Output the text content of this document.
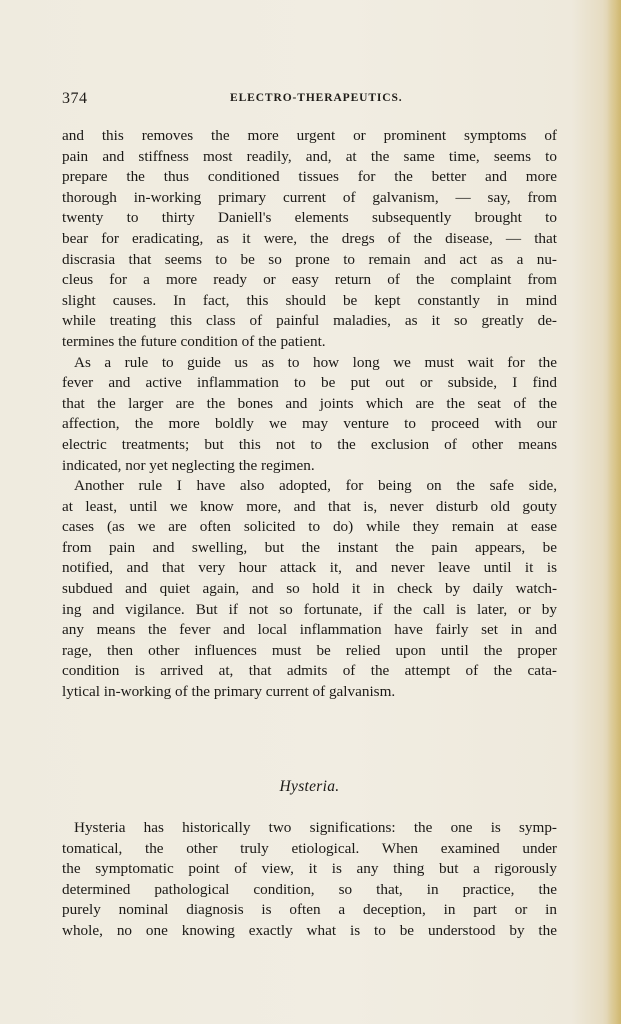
374	ELECTRO-THERAPEUTICS.
and this removes the more urgent or prominent symptoms of
pain and stiffness most readily, and, at the same time, seems to
prepare the thus conditioned tissues for the better and more
thorough in-working primary current of galvanism, — say, from
twenty to thirty Daniell's elements subsequently brought to
bear for eradicating, as it were, the dregs of the disease, — that
discrasia that seems to be so prone to remain and act as a nu-
cleus for a more ready or easy return of the complaint from
slight causes. In fact, this should be kept constantly in mind
while treating this class of painful maladies, as it so greatly de-
termines the future condition of the patient.
As a rule to guide us as to how long we must wait for the
fever and active inflammation to be put out or subside, I find
that the larger are the bones and joints which are the seat of the
affection, the more boldly we may venture to proceed with our
electric treatments; but this not to the exclusion of other means
indicated, nor yet neglecting the regimen.
Another rule I have also adopted, for being on the safe side,
at least, until we know more, and that is, never disturb old gouty
cases (as we are often solicited to do) while they remain at ease
from pain and swelling, but the instant the pain appears, be
notified, and that very hour attack it, and never leave until it is
subdued and quiet again, and so hold it in check by daily watch-
ing and vigilance. But if not so fortunate, if the call is later, or by
any means the fever and local inflammation have fairly set in and
rage, then other influences must be relied upon until the proper
condition is arrived at, that admits of the attempt of the cata-
lytical in-working of the primary current of galvanism.
Hysteria.
Hysteria has historically two significations: the one is symp-
tomatical, the other truly etiological. When examined under
the symptomatic point of view, it is any thing but a rigorously
determined pathological condition, so that, in practice, the
purely nominal diagnosis is often a deception, in part or in
whole, no one knowing exactly what is to be understood by the
